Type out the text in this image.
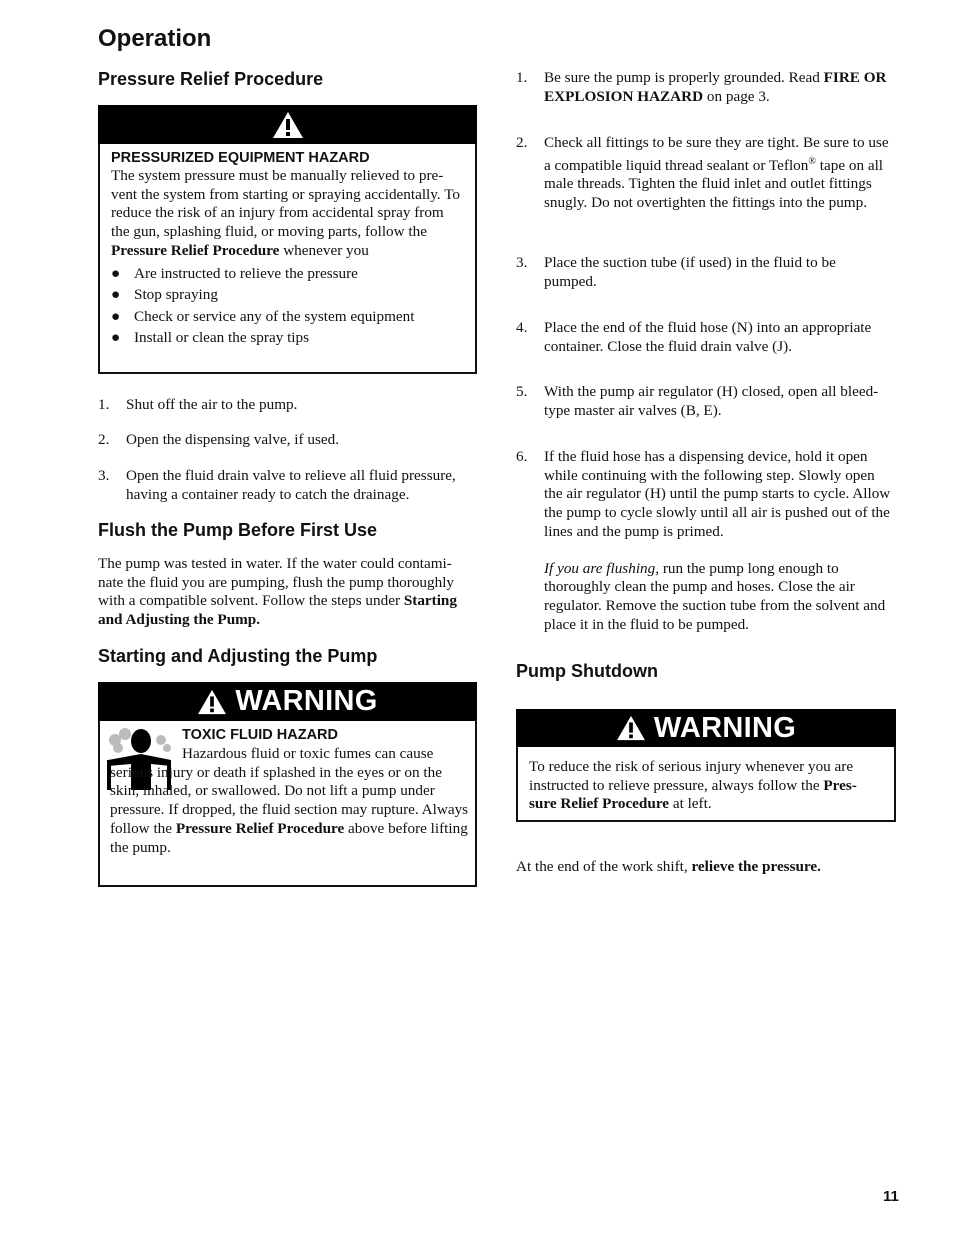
Operation
Pressure Relief Procedure
PRESSURIZED EQUIPMENT HAZARD
The system pressure must be manually relieved to pre-vent the system from starting or spraying accidentally. To reduce the risk of an injury from accidental spray from the gun, splashing fluid, or moving parts, follow the Pressure Relief Procedure whenever you
● Are instructed to relieve the pressure
● Stop spraying
● Check or service any of the system equipment
● Install or clean the spray tips
1. Shut off the air to the pump.
2. Open the dispensing valve, if used.
3. Open the fluid drain valve to relieve all fluid pressure, having a container ready to catch the drainage.
Flush the Pump Before First Use
The pump was tested in water. If the water could contami-nate the fluid you are pumping, flush the pump thoroughly with a compatible solvent. Follow the steps under Starting and Adjusting the Pump.
Starting and Adjusting the Pump
WARNING
TOXIC FLUID HAZARD
Hazardous fluid or toxic fumes can cause serious injury or death if splashed in the eyes or on the skin, inhaled, or swallowed. Do not lift a pump under pressure. If dropped, the fluid section may rupture. Always follow the Pressure Relief Procedure above before lifting the pump.
1. Be sure the pump is properly grounded. Read FIRE OR EXPLOSION HAZARD on page 3.
2. Check all fittings to be sure they are tight. Be sure to use a compatible liquid thread sealant or Teflon® tape on all male threads. Tighten the fluid inlet and outlet fittings snugly. Do not overtighten the fittings into the pump.
3. Place the suction tube (if used) in the fluid to be pumped.
4. Place the end of the fluid hose (N) into an appropriate container. Close the fluid drain valve (J).
5. With the pump air regulator (H) closed, open all bleed-type master air valves (B, E).
6. If the fluid hose has a dispensing device, hold it open while continuing with the following step. Slowly open the air regulator (H) until the pump starts to cycle. Allow the pump to cycle slowly until all air is pushed out of the lines and the pump is primed.
If you are flushing, run the pump long enough to thoroughly clean the pump and hoses. Close the air regulator. Remove the suction tube from the solvent and place it in the fluid to be pumped.
Pump Shutdown
WARNING
To reduce the risk of serious injury whenever you are instructed to relieve pressure, always follow the Pres-sure Relief Procedure at left.
At the end of the work shift, relieve the pressure.
11
